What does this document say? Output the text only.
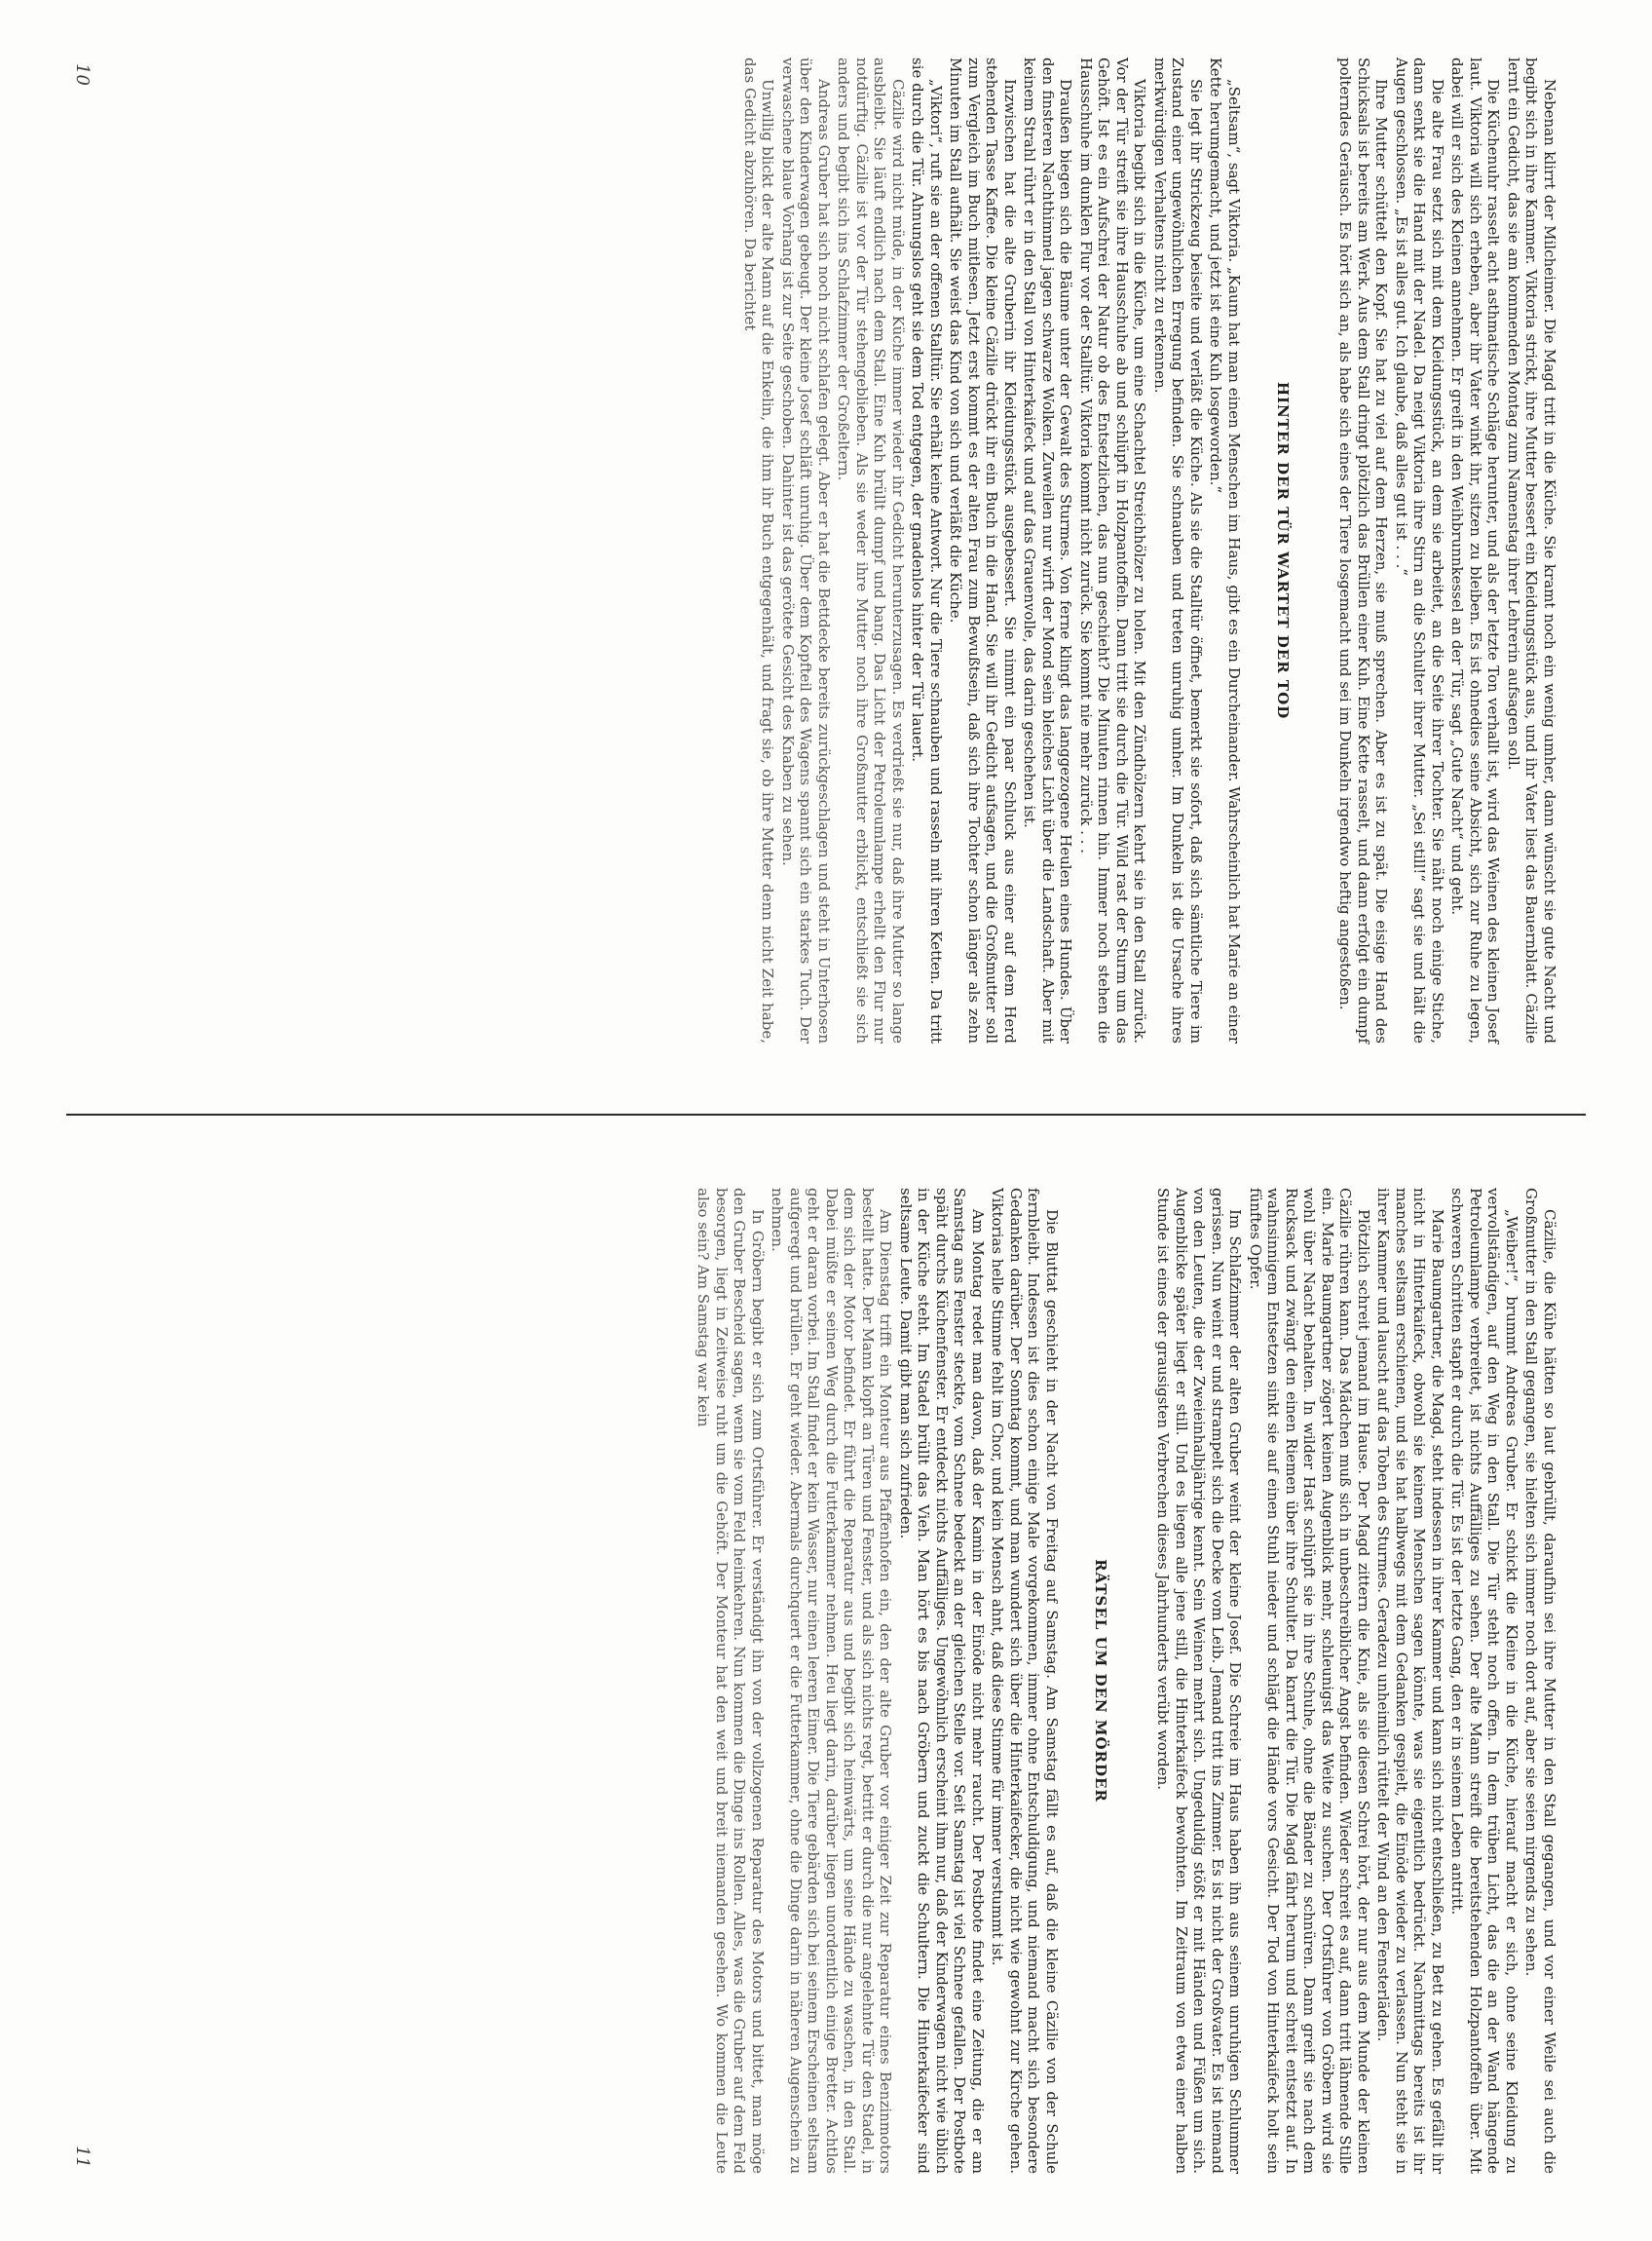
Nebenan klirrt der Milcheimer. Die Magd tritt in die Küche. Sie kramt noch ein wenig umher, dann wünscht sie gute Nacht und begibt sich in ihre Kammer. Viktoria strickt, ihre Mutter bessert ein Kleidungsstück aus, und ihr Vater liest das Bauernblatt. Cäzilie lernt ein Gedicht, das sie am kommenden Montag zum Namenstag ihrer Lehrerin aufsagen soll.

Die Küchenuhr rasselt acht asthmatische Schläge herunter, und als der letzte Ton verhallt ist, wird das Weinen des kleinen Josef laut. Viktoria will sich erheben, aber ihr Vater winkt ihr, sitzen zu bleiben. Es ist ohnedies seine Absicht, sich zur Ruhe zu legen, dabei will er sich des Kleinen annehmen. Er greift in den Weihbrunnkessel an der Tür, sagt „Gute Nacht“ und geht.

Die alte Frau setzt sich mit dem Kleidungsstück, an dem sie arbeitet, an die Seite ihrer Tochter. Sie näht noch einige Stiche, dann senkt sie die Hand mit der Nadel. Da neigt Viktoria ihre Stirn an die Schulter ihrer Mutter. „Sei still!“ sagt sie und hält die Augen geschlossen. „Es ist alles gut. Ich glaube, daß alles gut ist . . .“

Ihre Mutter schüttelt den Kopf. Sie hat zu viel auf dem Herzen, sie muß sprechen. Aber es ist zu spät. Die eisige Hand des Schicksals ist bereits am Werk. Aus dem Stall dringt plötzlich das Brüllen einer Kuh. Eine Kette rasselt, und dann erfolgt ein dumpf polterndes Geräusch. Es hört sich an, als habe sich eines der Tiere losgemacht und sei im Dunkeln irgendwo heftig angestoßen.

HINTER DER TÜR WARTET DER TOD

„Seltsam“, sagt Viktoria. „Kaum hat man einen Menschen im Haus, gibt es ein Durcheinander. Wahrscheinlich hat Marie an einer Kette herumgemacht, und jetzt ist eine Kuh losgeworden.“

Sie legt ihr Strickzeug beiseite und verläßt die Küche. Als sie die Stalltür öffnet, bemerkt sie sofort, daß sich sämtliche Tiere im Zustand einer ungewöhnlichen Erregung befinden. Sie schnauben und treten unruhig umher. Im Dunkeln ist die Ursache ihres merkwürdigen Verhaltens nicht zu erkennen.

Viktoria begibt sich in die Küche, um eine Schachtel Streichhölzer zu holen. Mit den Zündhölzern kehrt sie in den Stall zurück. Vor der Tür streift sie ihre Hausschuhe ab und schlüpft in Holzpantoffeln. Dann tritt sie durch die Tür. Wild rast der Sturm um das Gehöft. Ist es ein Aufschrei der Natur ob des Entsetzlichen, das nun geschieht? Die Minuten rinnen hin. Immer noch stehen die Hausschuhe im dunklen Flur vor der Stalltür. Viktoria kommt nicht zurück. Sie kommt nie mehr zurück . . .

Draußen biegen sich die Bäume unter der Gewalt des Sturmes. Von ferne klingt das langgezogene Heulen eines Hundes. Über den finsteren Nachthimmel jagen schwarze Wolken. Zuweilen nur wirft der Mond sein bleiches Licht über die Landschaft. Aber mit keinem Strahl rührt er in den Stall von Hinterkaifeck und auf das Grauenvolle, das darin geschehen ist.

Inzwischen hat die alte Gruberin ihr Kleidungsstück ausgebessert. Sie nimmt ein paar Schluck aus einer auf dem Herd stehenden Tasse Kaffee. Die kleine Cäzilie drückt ihr ein Buch in die Hand. Sie will ihr Gedicht aufsagen, und die Großmutter soll zum Vergleich im Buch mitlesen. Jetzt erst kommt es der alten Frau zum Bewußtsein, daß sich ihre Tochter schon länger als zehn Minuten im Stall aufhält. Sie weist das Kind von sich und verläßt die Küche.

„Viktori“, ruft sie an der offenen Stalltür. Sie erhält keine Antwort. Nur die Tiere schnauben und rasseln mit ihren Ketten. Da tritt sie durch die Tür. Ahnungslos geht sie dem Tod entgegen, der gnadenlos hinter der Tür lauert.

Cäzilie wird nicht müde, in der Küche immer wieder ihr Gedicht herunterzusagen. Es verdrießt sie nur, daß ihre Mutter so lange ausbleibt. Sie läuft endlich nach dem Stall. Eine Kuh brüllt dumpf und bang. Das Licht der Petroleumlampe erhellt den Flur nur notdürftig. Cäzilie ist vor der Tür stehengeblieben. Als sie weder ihre Mutter noch ihre Großmutter erblickt, entschließt sie sich anders und begibt sich ins Schlafzimmer der Großeltern.

Andreas Gruber hat sich noch nicht schlafen gelegt. Aber er hat die Bettdecke bereits zurückgeschlagen und steht in Unterhosen über den Kinderwagen gebeugt. Der kleine Josef schläft unruhig. Über dem Kopfteil des Wagens spannt sich ein starkes Tuch. Der verwaschene blaue Vorhang ist zur Seite geschoben. Dahinter ist das gerötete Gesicht des Knaben zu sehen.

Unwillig blickt der alte Mann auf die Enkelin, die ihm ihr Buch entgegenhält, und fragt sie, ob ihre Mutter denn nicht Zeit habe, das Gedicht abzuhören. Da berichtet

10

Cäzilie, die Kühe hätten so laut gebrüllt, daraufhin sei ihre Mutter in den Stall gegangen, und vor einer Weile sei auch die Großmutter in den Stall gegangen, sie hielten sich immer noch dort auf, aber sie seien nirgends zu sehen.

„Weiber!“, brummt Andreas Gruber. Er schickt die Kleine in die Küche, hierauf macht er sich, ohne seine Kleidung zu vervollständigen, auf den Weg in den Stall. Die Tür steht noch offen. In dem trüben Licht, das die an der Wand hängende Petroleumlampe verbreitet, ist nichts Auffälliges zu sehen. Der alte Mann streift die bereitstehenden Holzpantoffeln über. Mit schweren Schritten stapft er durch die Tür. Es ist der letzte Gang, den er in seinem Leben antritt.

Marie Baumgartner, die Magd, steht indessen in ihrer Kammer und kann sich nicht entschließen, zu Bett zu gehen. Es gefällt ihr nicht in Hinterkaifeck, obwohl sie keinem Menschen sagen könnte, was sie eigentlich bedrückt. Nachmittags bereits ist ihr manches seltsam erschienen, und sie hat halbwegs mit dem Gedanken gespielt, die Einöde wieder zu verlassen. Nun steht sie in ihrer Kammer und lauscht auf das Toben des Sturmes. Geradezu unheimlich rüttelt der Wind an den Fensterläden.

Plötzlich schreit jemand im Hause. Der Magd zittern die Knie, als sie diesen Schrei hört, der nur aus dem Munde der kleinen Cäzilie rühren kann. Das Mädchen muß sich in unbeschreiblicher Angst befinden. Wieder schreit es auf, dann tritt lähmende Stille ein. Marie Baumgartner zögert keinen Augenblick mehr, schleunigst das Weite zu suchen. Der Ortsführer von Gröbern wird sie wohl über Nacht behalten. In wilder Hast schlüpft sie in ihre Schuhe, ohne die Bänder zu schnüren. Dann greift sie nach dem Rucksack und zwängt den einen Riemen über ihre Schulter. Da knarrt die Tür. Die Magd fährt herum und schreit entsetzt auf. In wahnsinnigem Entsetzen sinkt sie auf einen Stuhl nieder und schlägt die Hände vors Gesicht. Der Tod von Hinterkaifeck holt sein fünftes Opfer.

Im Schlafzimmer der alten Gruber weint der kleine Josef. Die Schreie im Haus haben ihn aus seinem unruhigen Schlummer gerissen. Nun weint er und strampelt sich die Decke vom Leib. Jemand tritt ins Zimmer. Es ist nicht der Großvater. Es ist niemand von den Leuten, die der Zweieinhalbjährige kennt. Sein Weinen mehrt sich. Ungeduldig stößt er mit Händen und Füßen um sich. Augenblicke später liegt er still. Und es liegen alle jene still, die Hinterkaifeck bewohnten. Im Zeitraum von etwa einer halben Stunde ist eines der grausigsten Verbrechen dieses Jahrhunderts verübt worden.

RÄTSEL UM DEN MÖRDER

Die Bluttat geschieht in der Nacht von Freitag auf Samstag. Am Samstag fällt es auf, daß die kleine Cäzilie von der Schule fernbleibt. Indessen ist dies schon einige Male vorgekommen, immer ohne Entschuldigung, und niemand macht sich besondere Gedanken darüber. Der Sonntag kommt, und man wundert sich über die Hinterkaifecker, die nicht wie gewohnt zur Kirche gehen. Viktorias helle Stimme fehlt im Chor, und kein Mensch ahnt, daß diese Stimme für immer verstummt ist.

Am Montag redet man davon, daß der Kamin in der Einöde nicht mehr raucht. Der Postbote findet eine Zeitung, die er am Samstag ans Fenster steckte, vom Schnee bedeckt an der gleichen Stelle vor. Seit Samstag ist viel Schnee gefallen. Der Postbote späht durchs Küchenfenster. Er entdeckt nichts Auffälliges. Ungewöhnlich erscheint ihm nur, daß der Kinderwagen nicht wie üblich in der Küche steht. Im Stadel brüllt das Vieh. Man hört es bis nach Gröbern und zuckt die Schultern. Die Hinterkaifecker sind seltsame Leute. Damit gibt man sich zufrieden.

Am Dienstag trifft ein Monteur aus Pfaffenhofen ein, den der alte Gruber vor einiger Zeit zur Reparatur eines Benzinmotors bestellt hatte. Der Mann klopft an Türen und Fenster, und als sich nichts regt, betritt er durch die nur angelehnte Tür den Stadel, in dem sich der Motor befindet. Er führt die Reparatur aus und begibt sich heimwärts, um seine Hände zu waschen, in den Stall. Dabei müßte er seinen Weg durch die Futterkammer nehmen. Heu liegt darin, darüber liegen unordentlich einige Bretter. Achtlos geht er daran vorbei. Im Stall findet er kein Wasser, nur einen leeren Eimer. Die Tiere gebärden sich bei seinem Erscheinen seltsam aufgeregt und brüllen. Er geht wieder. Abermals durchquert er die Futterkammer, ohne die Dinge darin in näheren Augenschein zu nehmen.

In Gröbern begibt er sich zum Ortsführer. Er verständigt ihn von der vollzogenen Reparatur des Motors und bittet, man möge den Gruber Bescheid sagen, wenn sie vom Feld heimkehren. Nun kommen die Dinge ins Rollen. Alles, was die Gruber auf dem Feld besorgen, liegt in Zeitweise ruht um die Gehöft. Der Monteur hat den weit und breit niemanden gesehen. Wo kommen die Leute also sein? Am Samstag war kein

11
